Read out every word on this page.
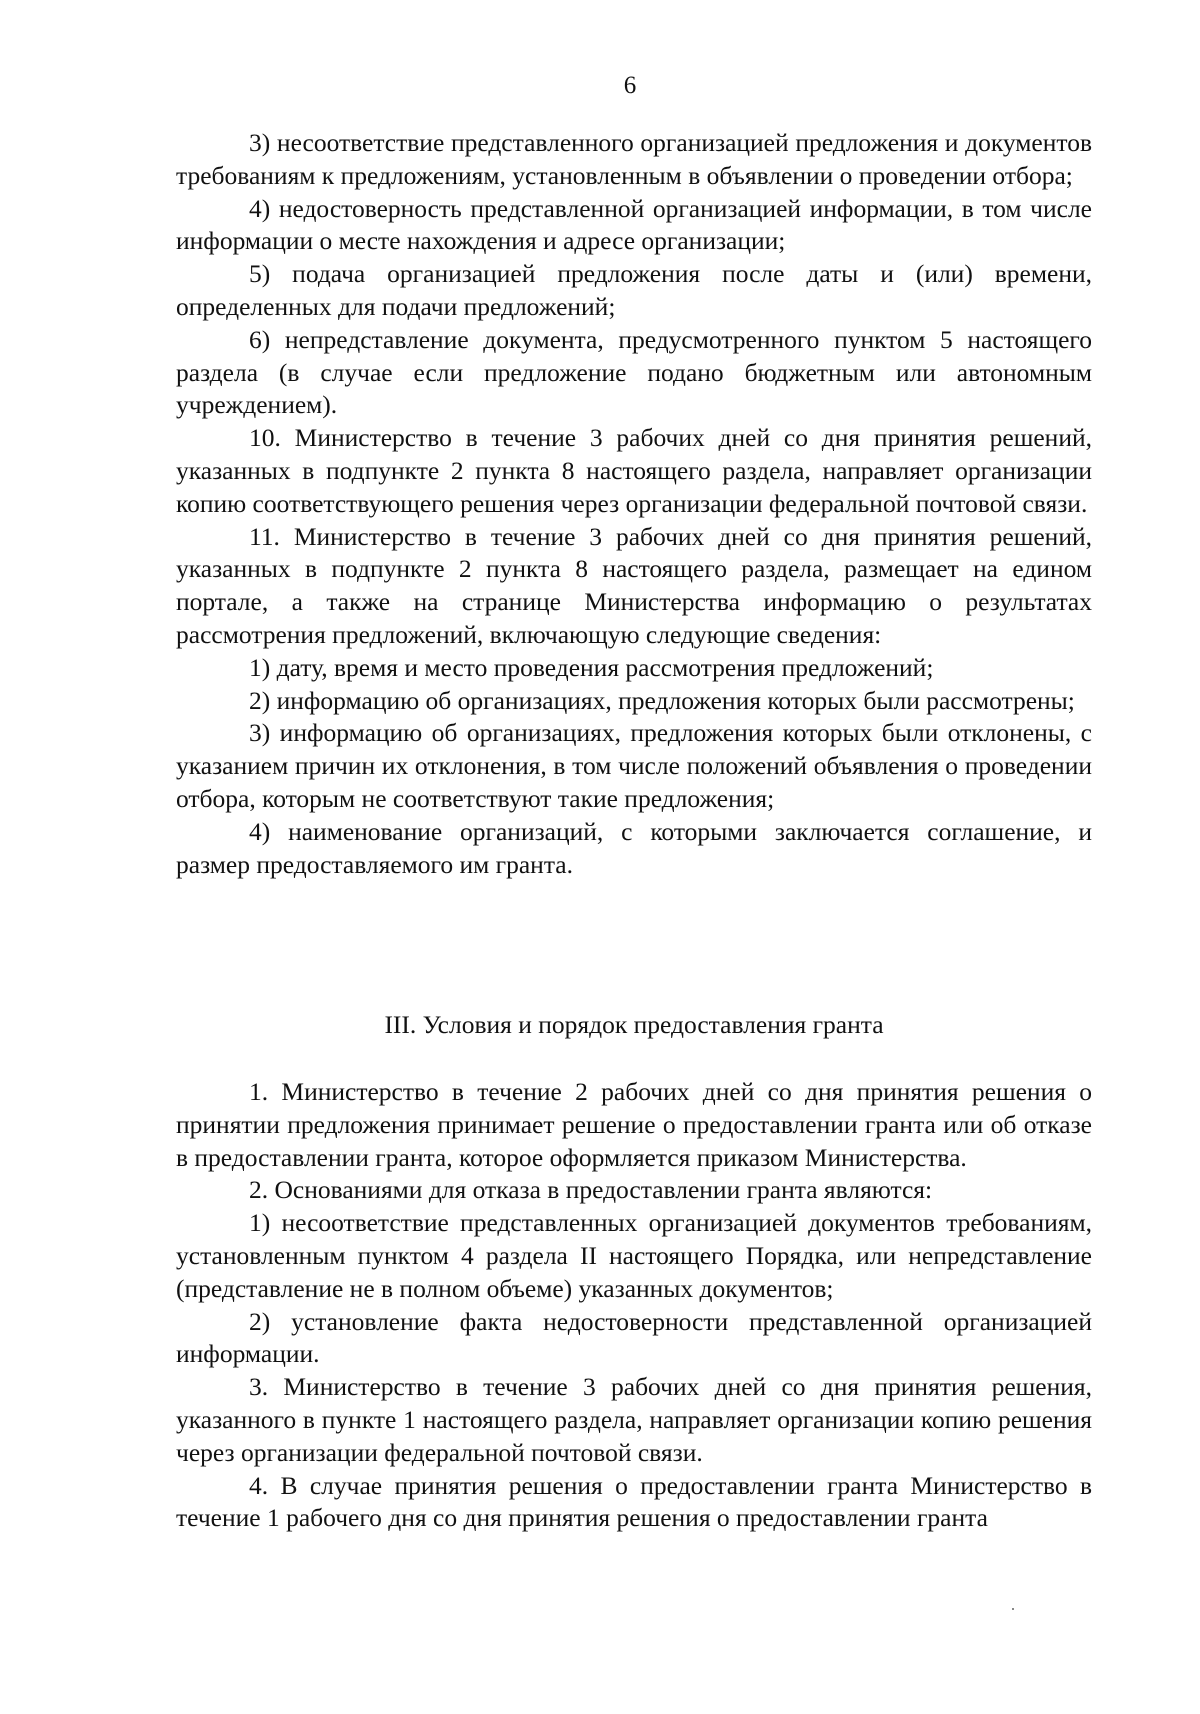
6

3) несоответствие представленного организацией предложения и документов требованиям к предложениям, установленным в объявлении о проведении отбора;

4) недостоверность представленной организацией информации, в том числе информации о месте нахождения и адресе организации;

5) подача организацией предложения после даты и (или) времени, определенных для подачи предложений;

6) непредставление документа, предусмотренного пунктом 5 настоящего раздела (в случае если предложение подано бюджетным или автономным учреждением).

10. Министерство в течение 3 рабочих дней со дня принятия решений, указанных в подпункте 2 пункта 8 настоящего раздела, направляет организации копию соответствующего решения через организации федеральной почтовой связи.

11. Министерство в течение 3 рабочих дней со дня принятия решений, указанных в подпункте 2 пункта 8 настоящего раздела, размещает на едином портале, а также на странице Министерства информацию о результатах рассмотрения предложений, включающую следующие сведения:

1) дату, время и место проведения рассмотрения предложений;

2) информацию об организациях, предложения которых были рассмотрены;

3) информацию об организациях, предложения которых были отклонены, с указанием причин их отклонения, в том числе положений объявления о проведении отбора, которым не соответствуют такие предложения;

4) наименование организаций, с которыми заключается соглашение, и размер предоставляемого им гранта.

III. Условия и порядок предоставления гранта

1. Министерство в течение 2 рабочих дней со дня принятия решения о принятии предложения принимает решение о предоставлении гранта или об отказе в предоставлении гранта, которое оформляется приказом Министерства.

2. Основаниями для отказа в предоставлении гранта являются:

1) несоответствие представленных организацией документов требованиям, установленным пунктом 4 раздела II настоящего Порядка, или непредставление (представление не в полном объеме) указанных документов;

2) установление факта недостоверности представленной организацией информации.

3. Министерство в течение 3 рабочих дней со дня принятия решения, указанного в пункте 1 настоящего раздела, направляет организации копию решения через организации федеральной почтовой связи.

4. В случае принятия решения о предоставлении гранта Министерство в течение 1 рабочего дня со дня принятия решения о предоставлении гранта
